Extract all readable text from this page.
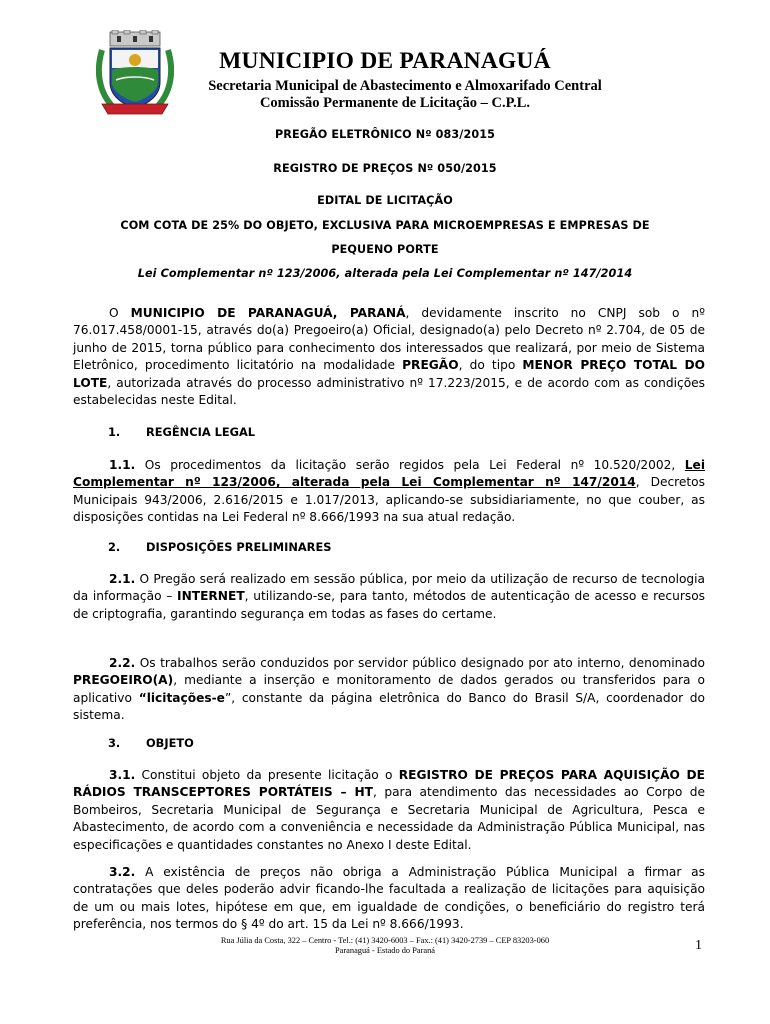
MUNICIPIO DE PARANAGUÁ
Secretaria Municipal de Abastecimento e Almoxarifado Central
Comissão Permanente de Licitação – C.P.L.
PREGÃO ELETRÔNICO Nº 083/2015
REGISTRO DE PREÇOS Nº 050/2015
EDITAL DE LICITAÇÃO
COM COTA DE 25% DO OBJETO, EXCLUSIVA PARA MICROEMPRESAS E EMPRESAS DE
PEQUENO PORTE
Lei Complementar nº 123/2006, alterada pela Lei Complementar nº 147/2014

O MUNICIPIO DE PARANAGUÁ, PARANÁ, devidamente inscrito no CNPJ sob o nº 76.017.458/0001-15, através do(a) Pregoeiro(a) Oficial, designado(a) pelo Decreto nº 2.704, de 05 de junho de 2015, torna público para conhecimento dos interessados que realizará, por meio de Sistema Eletrônico, procedimento licitatório na modalidade PREGÃO, do tipo MENOR PREÇO TOTAL DO LOTE, autorizada através do processo administrativo nº 17.223/2015, e de acordo com as condições estabelecidas neste Edital.

1. REGÊNCIA LEGAL

1.1. Os procedimentos da licitação serão regidos pela Lei Federal nº 10.520/2002, Lei Complementar nº 123/2006, alterada pela Lei Complementar nº 147/2014, Decretos Municipais 943/2006, 2.616/2015 e 1.017/2013, aplicando-se subsidiariamente, no que couber, as disposições contidas na Lei Federal nº 8.666/1993 na sua atual redação.

2. DISPOSIÇÕES PRELIMINARES

2.1. O Pregão será realizado em sessão pública, por meio da utilização de recurso de tecnologia da informação – INTERNET, utilizando-se, para tanto, métodos de autenticação de acesso e recursos de criptografia, garantindo segurança em todas as fases do certame.

2.2. Os trabalhos serão conduzidos por servidor público designado por ato interno, denominado PREGOEIRO(A), mediante a inserção e monitoramento de dados gerados ou transferidos para o aplicativo “licitações-e”, constante da página eletrônica do Banco do Brasil S/A, coordenador do sistema.

3. OBJETO

3.1. Constitui objeto da presente licitação o REGISTRO DE PREÇOS PARA AQUISIÇÃO DE RÁDIOS TRANSCEPTORES PORTÁTEIS – HT, para atendimento das necessidades ao Corpo de Bombeiros, Secretaria Municipal de Segurança e Secretaria Municipal de Agricultura, Pesca e Abastecimento, de acordo com a conveniência e necessidade da Administração Pública Municipal, nas especificações e quantidades constantes no Anexo I deste Edital.

3.2. A existência de preços não obriga a Administração Pública Municipal a firmar as contratações que deles poderão advir ficando-lhe facultada a realização de licitações para aquisição de um ou mais lotes, hipótese em que, em igualdade de condições, o beneficiário do registro terá preferência, nos termos do § 4º do art. 15 da Lei nº 8.666/1993.

Rua Júlia da Costa, 322 – Centro - Tel.: (41) 3420-6003 – Fax.: (41) 3420-2739 – CEP 83203-060
Paranaguá - Estado do Paraná	1
